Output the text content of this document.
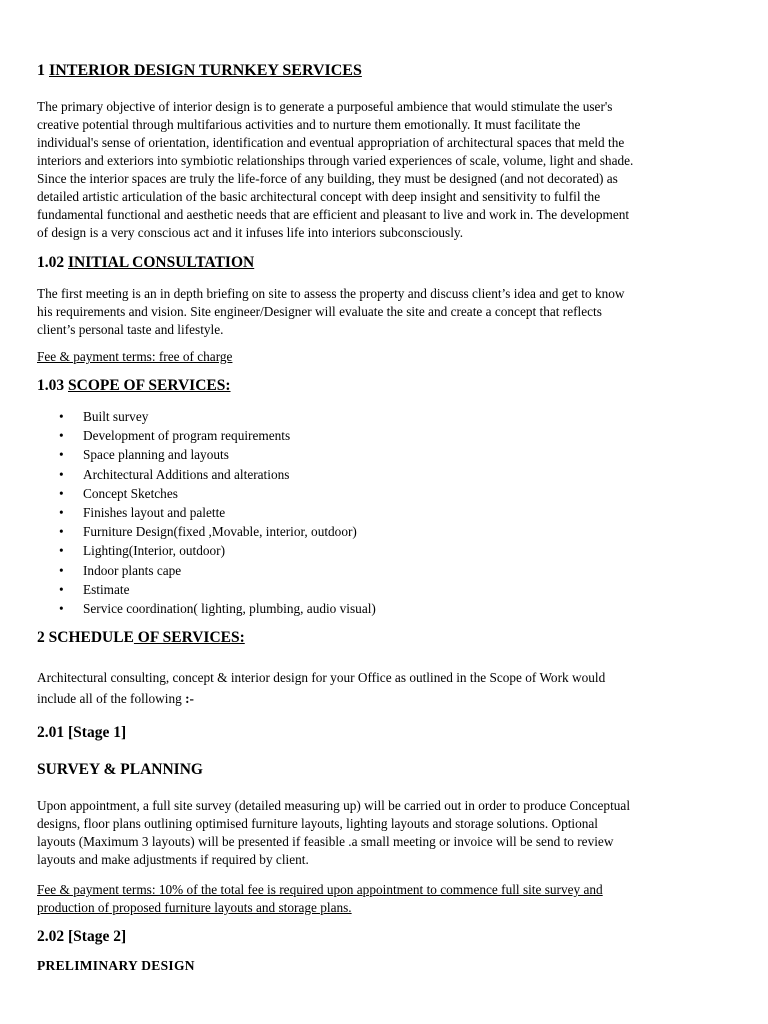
1 INTERIOR DESIGN TURNKEY SERVICES
The primary objective of interior design is to generate a purposeful ambience that would stimulate the user's
creative potential through multifarious activities and to nurture them emotionally. It must facilitate the
individual's sense of orientation, identification and eventual appropriation of architectural spaces that meld the
interiors and exteriors into symbiotic relationships through varied experiences of scale, volume, light and shade.
Since the interior spaces are truly the life-force of any building, they must be designed (and not decorated) as
detailed artistic articulation of the basic architectural concept with deep insight and sensitivity to fulfil the
fundamental functional and aesthetic needs that are efficient and pleasant to live and work in. The development
of design is a very conscious act and it infuses life into interiors subconsciously.
1.02 INITIAL CONSULTATION
The first meeting is an in depth briefing on site to assess the property and discuss client’s idea and get to know
his requirements and vision. Site engineer/Designer will evaluate the site and create a concept that reflects
client’s personal taste and lifestyle.
Fee & payment terms: free of charge
1.03 SCOPE OF SERVICES:
• Built survey
• Development of program requirements
• Space planning and layouts
• Architectural Additions and alterations
• Concept Sketches
• Finishes layout and palette
• Furniture Design(fixed ,Movable, interior, outdoor)
• Lighting(Interior, outdoor)
• Indoor plants cape
• Estimate
• Service coordination( lighting, plumbing, audio visual)
2 SCHEDULE OF SERVICES:
Architectural consulting, concept & interior design for your Office as outlined in the Scope of Work would
include all of the following :-
2.01 [Stage 1]
SURVEY & PLANNING
Upon appointment, a full site survey (detailed measuring up) will be carried out in order to produce Conceptual
designs, floor plans outlining optimised furniture layouts, lighting layouts and storage solutions. Optional
layouts (Maximum 3 layouts) will be presented if feasible .a small meeting or invoice will be send to review
layouts and make adjustments if required by client.
Fee & payment terms: 10% of the total fee is required upon appointment to commence full site survey and
production of proposed furniture layouts and storage plans.
2.02 [Stage 2]
PRELIMINARY DESIGN
